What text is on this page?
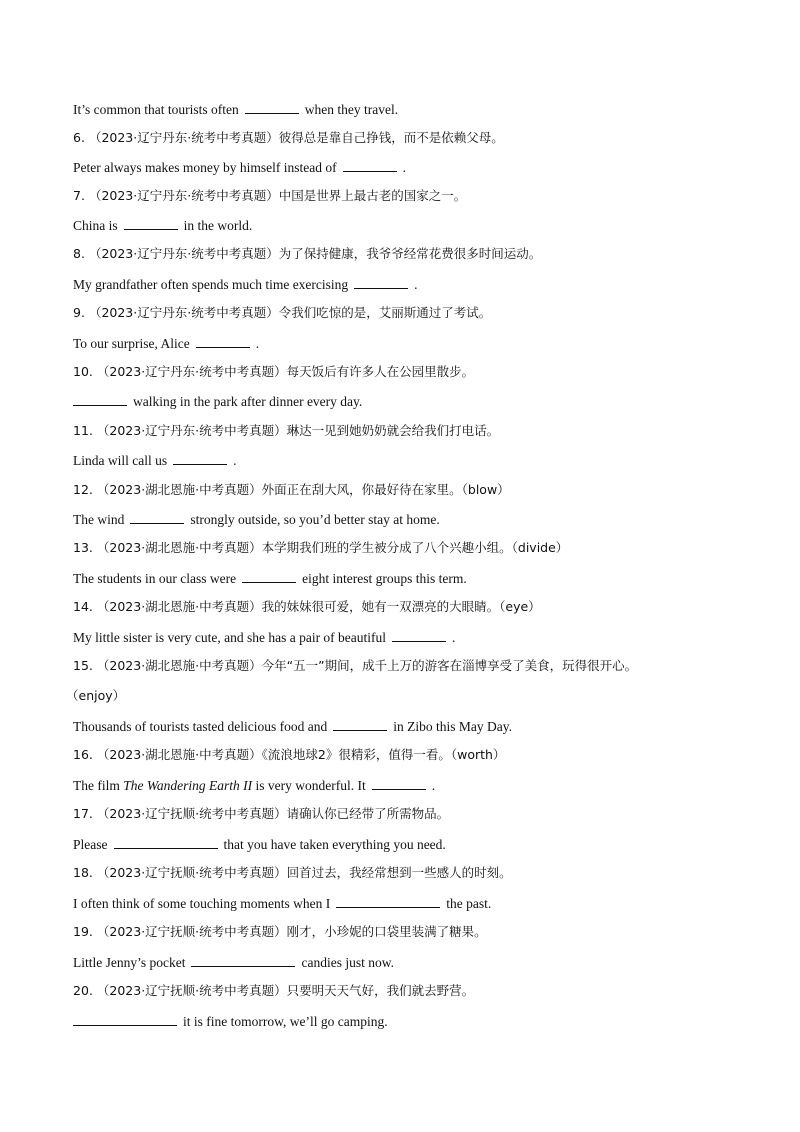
It’s common that tourists often	when they travel.
6. （2023·辽宁丹东·统考中考真题）彼得总是靠自己挣钱，而不是依赖父母。
Peter always makes money by himself instead of	.
7. （2023·辽宁丹东·统考中考真题）中国是世界上最古老的国家之一。
China is	in the world.
8. （2023·辽宁丹东·统考中考真题）为了保持健康，我爷爷经常花费很多时间运动。
My grandfather often spends much time exercising	.
9. （2023·辽宁丹东·统考中考真题）令我们吃惊的是，艾丽斯通过了考试。
To our surprise, Alice	.
10. （2023·辽宁丹东·统考中考真题）每天饭后有许多人在公园里散步。
walking in the park after dinner every day.
11. （2023·辽宁丹东·统考中考真题）琳达一见到她奶奶就会给我们打电话。
Linda will call us	.
12. （2023·湖北恩施·中考真题）外面正在刮大风，你最好待在家里。（blow）
The wind	strongly outside, so you’d better stay at home.
13. （2023·湖北恩施·中考真题）本学期我们班的学生被分成了八个兴趣小组。（divide）
The students in our class were	eight interest groups this term.
14. （2023·湖北恩施·中考真题）我的妹妹很可爱，她有一双漂亮的大眼睛。（eye）
My little sister is very cute, and she has a pair of beautiful	.
15. （2023·湖北恩施·中考真题）今年“五一”期间，成千上万的游客在淄博享受了美食，玩得很开心。
（enjoy）
Thousands of tourists tasted delicious food and	in Zibo this May Day.
16. （2023·湖北恩施·中考真题）《流浪地球2》很精彩，值得一看。（worth）
The film The Wandering Earth II is very wonderful. It	.
17. （2023·辽宁抚顺·统考中考真题）请确认你已经带了所需物品。
Please	that you have taken everything you need.
18. （2023·辽宁抚顺·统考中考真题）回首过去，我经常想到一些感人的时刻。
I often think of some touching moments when I	the past.
19. （2023·辽宁抚顺·统考中考真题）刚才，小珍妮的口袋里装满了糖果。
Little Jenny’s pocket	candies just now.
20. （2023·辽宁抚顺·统考中考真题）只要明天天气好，我们就去野营。
it is fine tomorrow, we’ll go camping.
